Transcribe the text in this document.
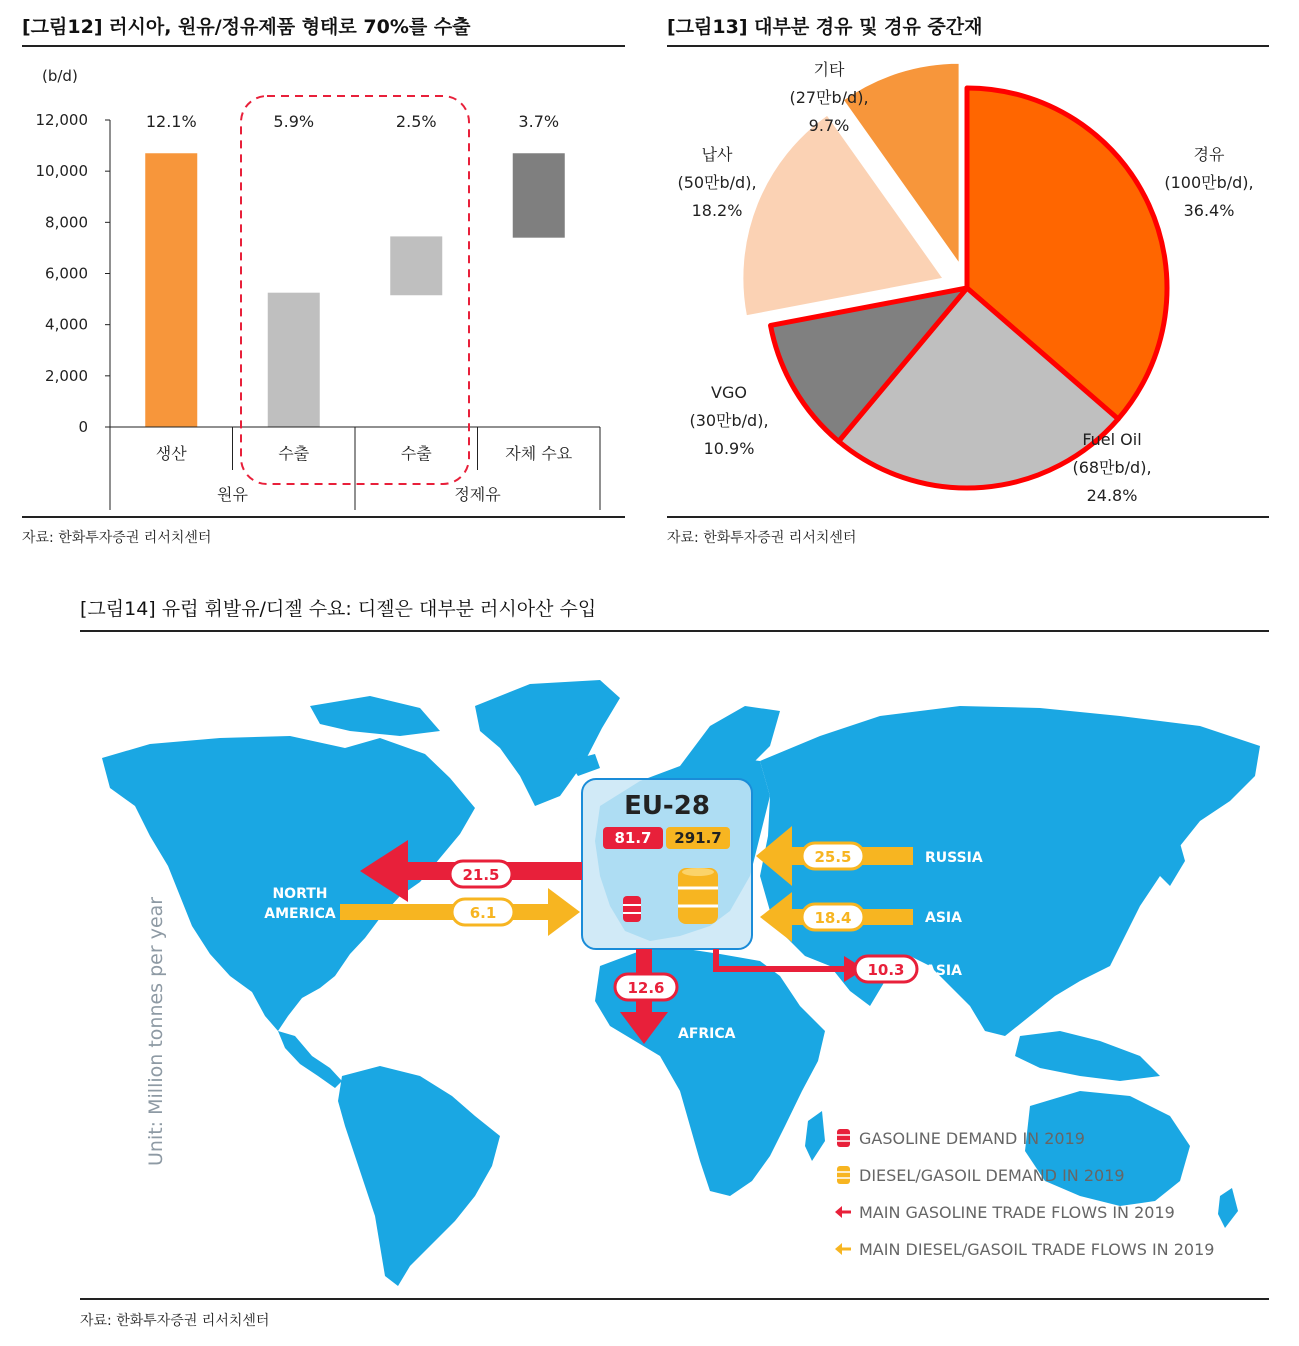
[그림12] 러시아, 원유/정유제품 형태로 70%를 수출
(b/d)
0
2,000
4,000
6,000
8,000
10,000
12,000	12.1%	5.9%	2.5%	3.7%
생산	수출	수출	자체 수요
원유	정제유
자료: 한화투자증권 리서치센터
[그림13] 대부분 경유 및 경유 중간재
경유
(100만b/d),
36.4%
Fuel Oil
(68만b/d),
24.8%
VGO
(30만b/d),
10.9%
납사
(50만b/d),
18.2%
기타
(27만b/d),
9.7%
자료: 한화투자증권 리서치센터
[그림14] 유럽 휘발유/디젤 수요: 디젤은 대부분 러시아산 수입
EU-28
81.7 291.7
21.5
6.1
NORTH
AMERICA
25.5	RUSSIA
18.4	ASIA
10.3 ASIA
12.6
AFRICA
Unit: Million tonnes per year	GASOLINE DEMAND IN 2019
DIESEL/GASOIL DEMAND IN 2019
MAIN GASOLINE TRADE FLOWS IN 2019
MAIN DIESEL/GASOIL TRADE FLOWS IN 2019
자료: 한화투자증권 리서치센터
